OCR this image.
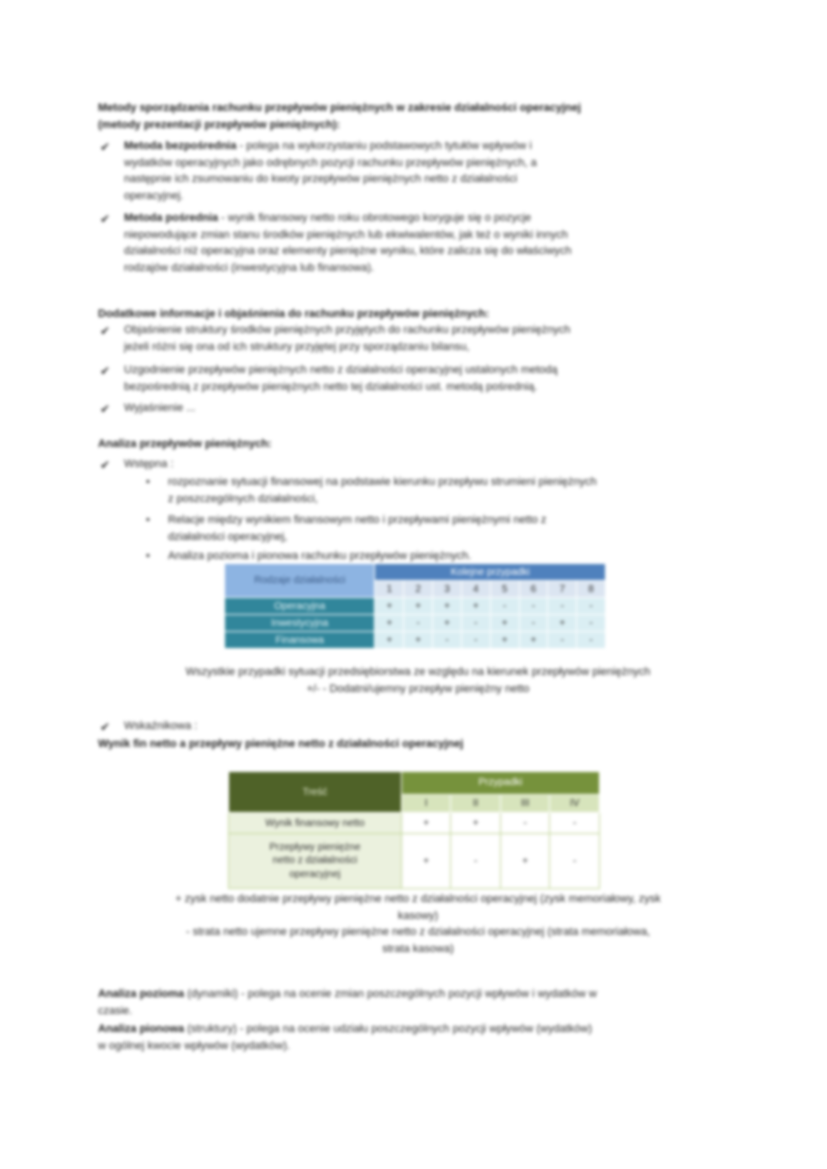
Metody sporządzania rachunku przepływów pieniężnych w zakresie działalności operacyjnej
(metody prezentacji przepływów pieniężnych):
✔ Metoda bezpośrednia - polega na wykorzystaniu podstawowych tytułów wpływów i
wydatków operacyjnych jako odrębnych pozycji rachunku przepływów pieniężnych, a
następnie ich zsumowaniu do kwoty przepływów pieniężnych netto z działalności
operacyjnej.
✔ Metoda pośrednia - wynik finansowy netto roku obrotowego koryguje się o pozycje
niepowodujące zmian stanu środków pieniężnych lub ekwiwalentów, jak też o wyniki innych
działalności niż operacyjna oraz elementy pieniężne wyniku, które zalicza się do właściwych
rodzajów działalności (inwestycyjna lub finansowa).
Dodatkowe informacje i objaśnienia do rachunku przepływów pieniężnych:
✔ Objaśnienie struktury środków pieniężnych przyjętych do rachunku przepływów pieniężnych
jeżeli różni się ona od ich struktury przyjętej przy sporządzaniu bilansu,
✔ Uzgodnienie przepływów pieniężnych netto z działalności operacyjnej ustalonych metodą
bezpośrednią z przepływów pieniężnych netto tej działalności ust. metodą pośrednią.
✔ Wyjaśnienie ...
Analiza przepływów pieniężnych:
✔ Wstępna :
• rozpoznanie sytuacji finansowej na podstawie kierunku przepływu strumieni pieniężnych
z poszczególnych działalności,
• Relacje między wynikiem finansowym netto i przepływami pieniężnymi netto z
działalności operacyjnej,
• Analiza pozioma i pionowa rachunku przepływów pieniężnych.
Rodzaje działalności	Kolejne przypadki							
	1	2	3	4	5	6	7	8
Operacyjna	+	+	+	+	-	-	-	-
Inwestycyjna	+	-	+	-	+	-	+	-
Finansowa	+	+	-	-	+	+	-	-
Wszystkie przypadki sytuacji przedsiębiorstwa ze względu na kierunek przepływów pieniężnych
+/- - Dodatni/ujemny przepływ pieniężny netto
✔ Wskaźnikowa :
Wynik fin netto a przepływy pieniężne netto z działalności operacyjnej
Treść	Przypadki			
	I	II	III	IV
Wynik finansowy netto	+	+	-	-

Przepływy pieniężne
netto z działalności
operacyjnej	+	-	+	-
+ zysk netto dodatnie przepływy pieniężne netto z działalności operacyjnej (zysk memoriałowy, zysk
kasowy)
- strata netto ujemne przepływy pieniężne netto z działalności operacyjnej (strata memoriałowa,
strata kasowa)
Analiza pozioma (dynamiki) - polega na ocenie zmian poszczególnych pozycji wpływów i wydatków w
czasie.
Analiza pionowa (struktury) - polega na ocenie udziału poszczególnych pozycji wpływów (wydatków)
w ogólnej kwocie wpływów (wydatków).
